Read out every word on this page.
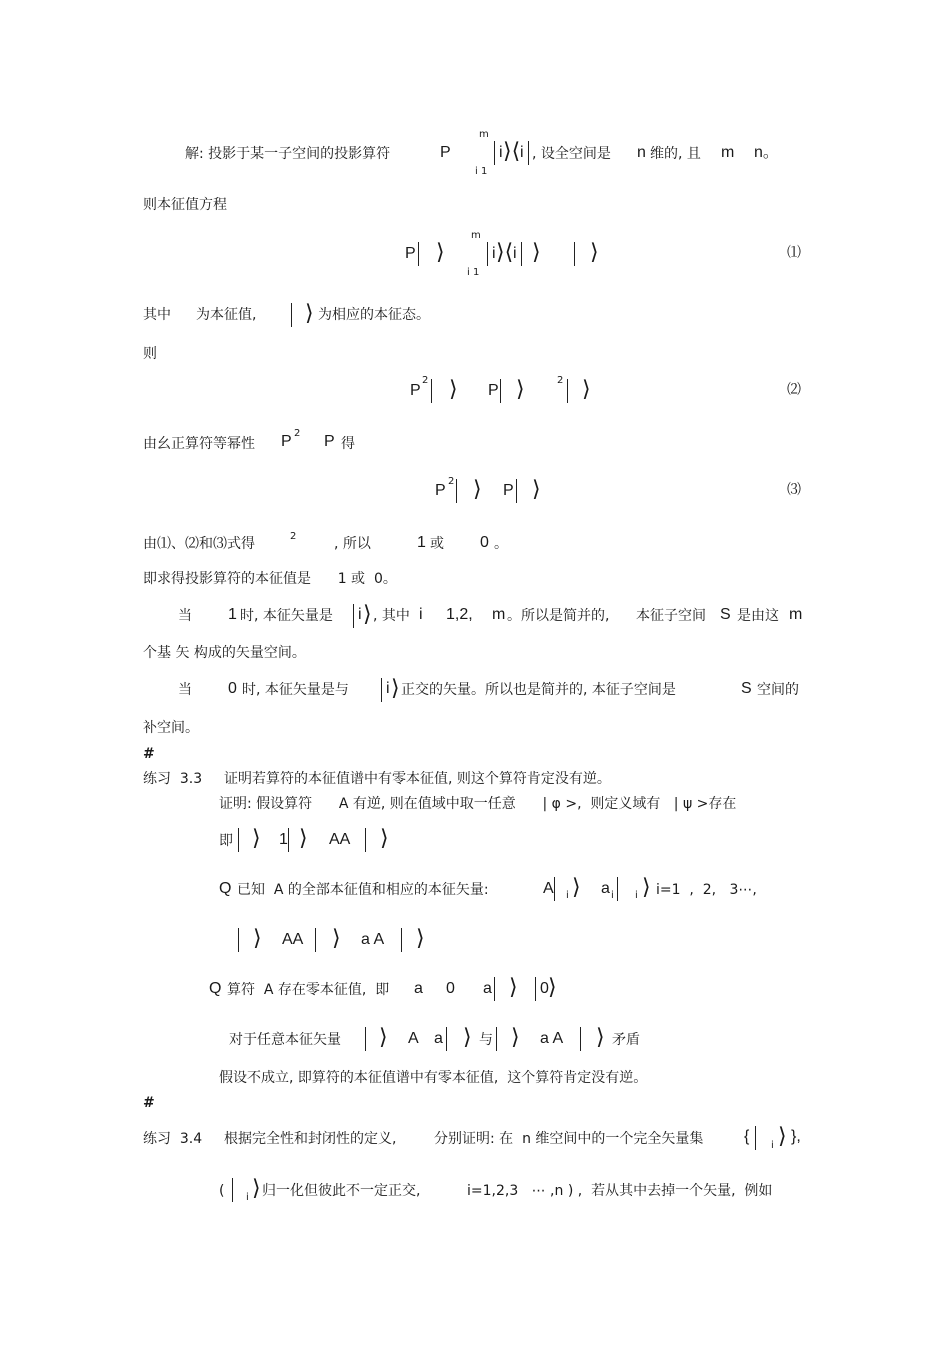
解: 投影于某一子空间的投影算符	P
m
i 1
i ⟩⟨ i , 设全空间是 n 维的, 且 m n。
则本征值方程
P ⟩
m
i 1
i ⟩⟨ i ⟩ ⟩	⑴
其中 为本征值, ⟩ 为相应的本征态。
则
P
2 ⟩ P ⟩	2 ⟩	⑵
由幺正算符等幂性 P 2 P 得
P
2 ⟩ P ⟩	⑶
由⑴、⑵和⑶式得	2	, 所以	1 或 0 。
即求得投影算符的本征值是      1 或  0。
当 1 时, 本征矢量是 i ⟩ , 其中 i 1,2, m 。所以是简并的, 本征子空间 S 是由这 m
个基 矢 构成的矢量空间。
当 0 时, 本征矢量是与 i ⟩ 正交的矢量。所以也是简并的, 本征子空间是	S 空间的
补空间。
#
练习  3.3 证明若算符的本征值谱中有零本征值, 则这个算符肯定没有逆。
证明: 假设算符      A 有逆, 则在值域中取一任意      | φ >,  则定义域有   | ψ >存在
即 ⟩ 1 ⟩ AA ⟩
Q 已知  A 的全部本征值和相应的本征矢量:	A i ⟩ a i i ⟩ i=1  ,  2,   3⋯,
⟩ AA ⟩ a A ⟩
Q 算符  A 存在零本征值,  即 a 0 a ⟩ 0 ⟩
对于任意本征矢量 ⟩ A a ⟩ 与 ⟩ a A ⟩ 矛盾
假设不成立, 即算符的本征值谱中有零本征值,  这个算符肯定没有逆。
#
练习  3.4 根据完全性和封闭性的定义,	分别证明: 在  n 维空间中的一个完全矢量集	{
i ⟩ },
( i ⟩ 归一化但彼此不一定正交,	i=1,2,3   ⋯ ,n ) ,  若从其中去掉一个矢量,  例如
